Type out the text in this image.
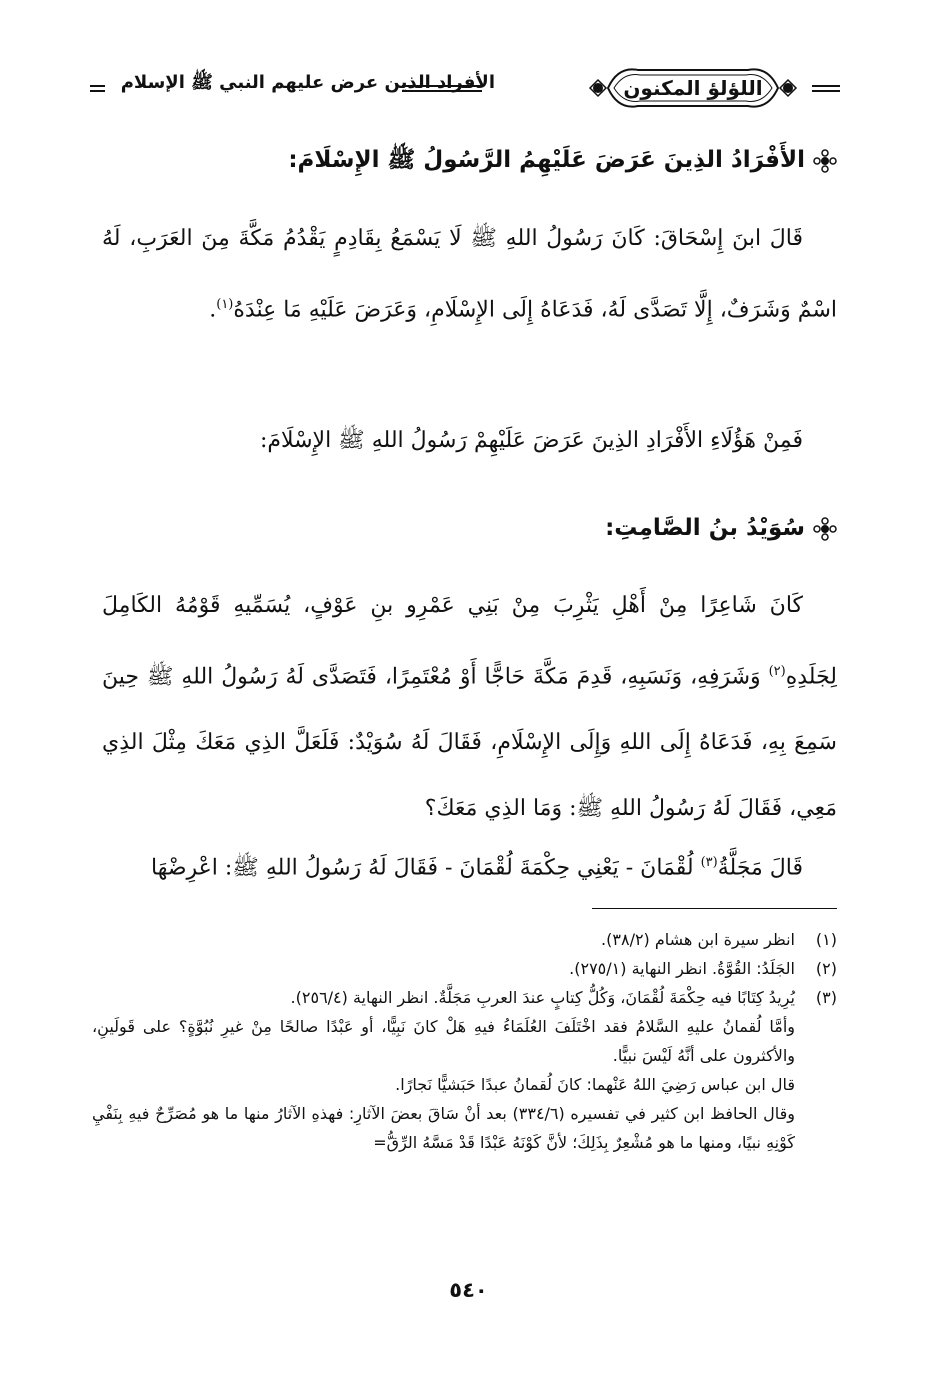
اللؤلؤ المكنون
الأفراد الذين عرض عليهم النبي ﷺ الإسلام
الأَفْرَادُ الذِينَ عَرَضَ عَلَيْهِمُ الرَّسُولُ ﷺ الإِسْلَامَ:
قَالَ ابنَ إِسْحَاقَ: كَانَ رَسُولُ اللهِ ﷺ لَا يَسْمَعُ بِقَادِمٍ يَقْدُمُ مَكَّةَ مِنَ العَرَبِ، لَهُ اسْمٌ وَشَرَفٌ، إِلَّا تَصَدَّى لَهُ، فَدَعَاهُ إِلَى الإِسْلَامِ، وَعَرَضَ عَلَيْهِ مَا عِنْدَهُ$^{(١)}$.
فَمِنْ هَؤُلَاءِ الأَفْرَادِ الذِينَ عَرَضَ عَلَيْهِمْ رَسُولُ اللهِ ﷺ الإِسْلَامَ:
سُوَيْدُ بنُ الصَّامِتِ:
كَانَ شَاعِرًا مِنْ أَهْلِ يَثْرِبَ مِنْ بَنِي عَمْرِو بنِ عَوْفٍ، يُسَمِّيهِ قَوْمُهُ الكَامِلَ لِجَلَدِهِ$^{(٢)}$ وَشَرَفِهِ، وَنَسَبِهِ، قَدِمَ مَكَّةَ حَاجًّا أَوْ مُعْتَمِرًا، فَتَصَدَّى لَهُ رَسُولُ اللهِ ﷺ حِينَ سَمِعَ بِهِ، فَدَعَاهُ إِلَى اللهِ وَإِلَى الإِسْلَامِ، فَقَالَ لَهُ سُوَيْدٌ: فَلَعَلَّ الذِي مَعَكَ مِثْلَ الذِي مَعِي، فَقَالَ لَهُ رَسُولُ اللهِ ﷺ: وَمَا الذِي مَعَكَ؟
قَالَ مَجَلَّةُ$^{(٣)}$ لُقْمَانَ - يَعْنِي حِكْمَةَ لُقْمَانَ - فَقَالَ لَهُ رَسُولُ اللهِ ﷺ: اعْرِضْهَا
(١)
انظر سيرة ابن هشام (٣٨/٢).
(٢)
الجَلَدُ: القُوَّةُ. انظر النهاية (٢٧٥/١).
(٣)
يُرِيدُ كِتَابًا فيه حِكْمَةَ لُقْمَانَ، وَكُلُّ كِتابٍ عندَ العربِ مَجَلَّةٌ. انظر النهاية (٢٥٦/٤).
وأمَّا لُقمانُ عليهِ السَّلامُ فقد اخْتَلَفَ العُلَمَاءُ فيهِ هَلْ كانَ نَبِيًّا، أو عَبْدًا صالحًا مِنْ غيرِ نُبُوَّةٍ؟ على قَولَينِ، والأكثرون على أنَّهُ لَيْسَ نبيًّا.
قال ابن عباس رَضِيَ اللهُ عَنْهما: كانَ لُقمانُ عبدًا حَبَشيًّا نَجارًا.
وقال الحافظ ابن كثير في تفسيره (٣٣٤/٦) بعد أنْ سَاقَ بعضَ الآثارِ: فهذهِ الآثارُ منها ما هو مُصَرِّحٌ فيهِ بِنَفْيِ كَوْنِهِ نبيًا، ومنها ما هو مُشْعِرٌ بِذَلِكَ؛ لأنَّ كَوْنَهُ عَبْدًا قَدْ مَسَّهُ الرِّقُّ=
٥٤٠
